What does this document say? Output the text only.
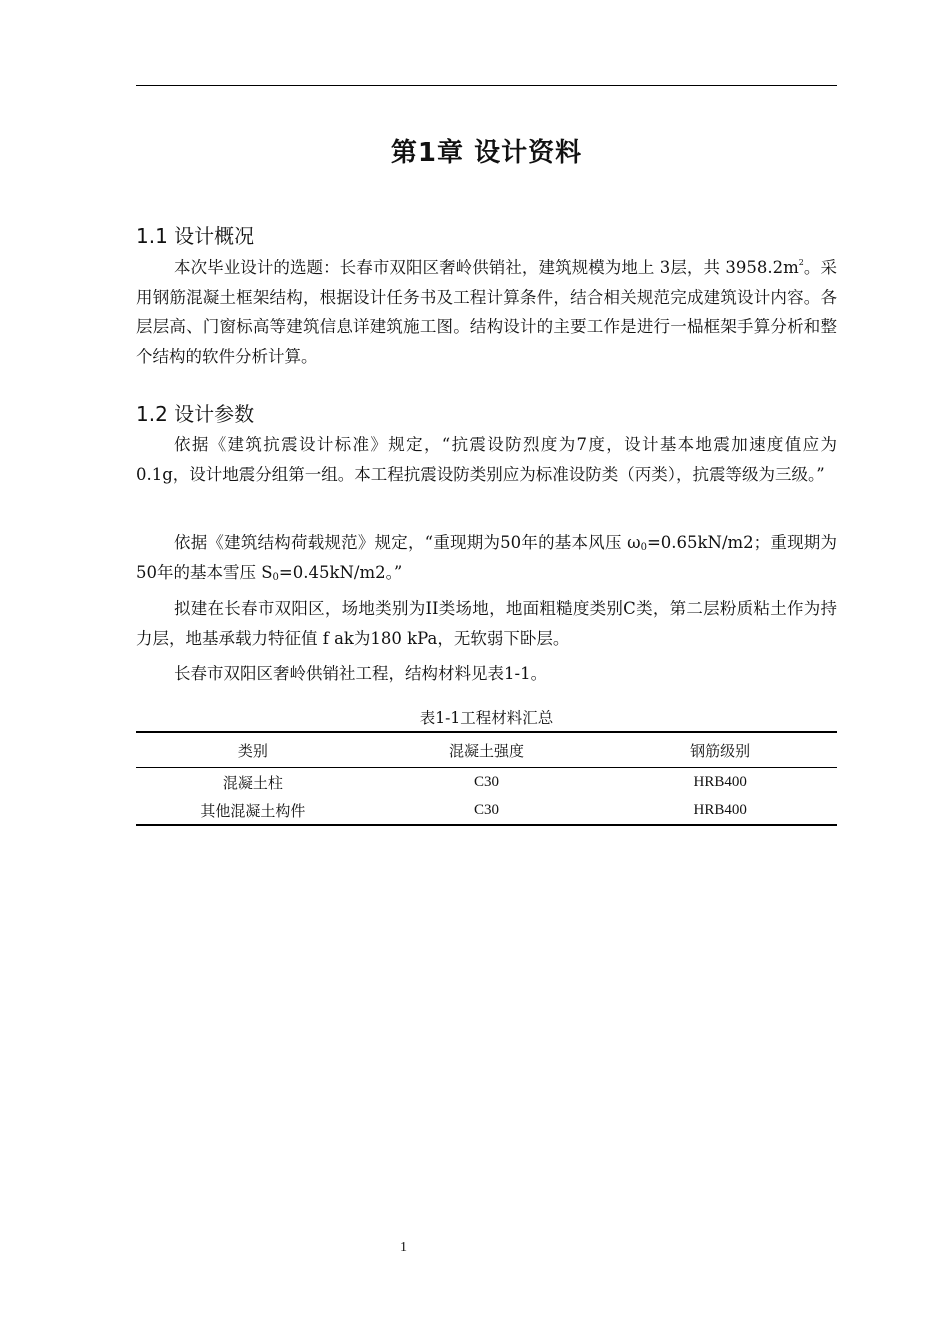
第1章 设计资料
1.1 设计概况
本次毕业设计的选题：长春市双阳区奢岭供销社，建筑规模为地上 3层，共 $3958.2m^2$。采用钢筋混凝土框架结构，根据设计任务书及工程计算条件，结合相关规范完成建筑设计内容。各层层高、门窗标高等建筑信息详建筑施工图。结构设计的主要工作是进行一榀框架手算分析和整个结构的软件分析计算。
1.2 设计参数
依据《建筑抗震设计标准》规定，“抗震设防烈度为7度，设计基本地震加速度值应为0.1g，设计地震分组第一组。本工程抗震设防类别应为标准设防类（丙类），抗震等级为三级。”
依据《建筑结构荷载规范》规定，“重现期为50年的基本风压 $\omega_0=0.65kN/m2$；重现期为50年的基本雪压 $S_0=0.45kN/m2$。”
拟建在长春市双阳区，场地类别为II类场地，地面粗糙度类别C类，第二层粉质粘土作为持力层，地基承载力特征值 f ak为180 kPa，无软弱下卧层。
长春市双阳区奢岭供销社工程，结构材料见表1-1。
表1-1工程材料汇总
类别	混凝土强度	钢筋级别
混凝土柱	C30	HRB400
其他混凝土构件	C30	HRB400
1
